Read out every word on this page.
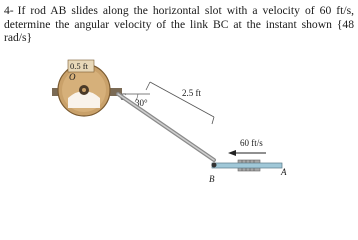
4- If rod AB slides along the horizontal slot with a velocity of 60 ft/s, determine the angular velocity of the link BC at the instant shown {48 rad/s}
0.5 ft
O
2.5 ft
30°
60 ft/s
B
A
